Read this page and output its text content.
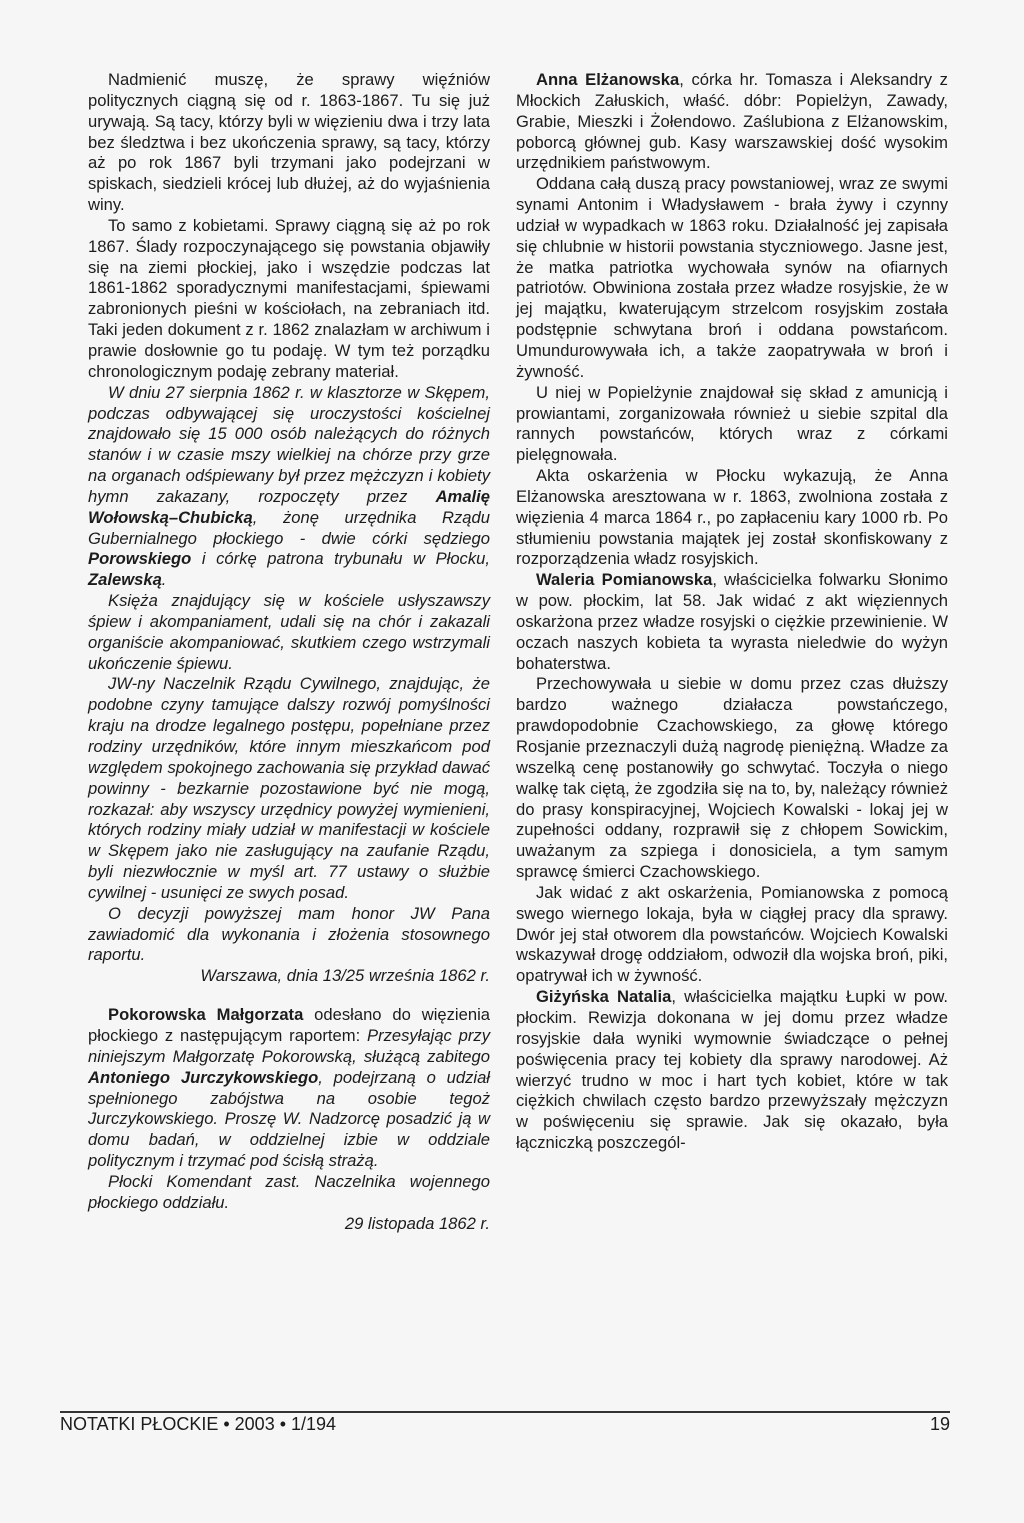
Nadmienić muszę, że sprawy więźniów politycznych ciągną się od r. 1863-1867. Tu się już urywają. Są tacy, którzy byli w więzieniu dwa i trzy lata bez śledztwa i bez ukończenia sprawy, są tacy, którzy aż po rok 1867 byli trzymani jako podejrzani w spiskach, siedzieli krócej lub dłużej, aż do wyjaśnienia winy.

To samo z kobietami. Sprawy ciągną się aż po rok 1867. Ślady rozpoczynającego się powstania objawiły się na ziemi płockiej, jako i wszędzie podczas lat 1861-1862 sporadycznymi manifestacjami, śpiewami zabronionych pieśni w kościołach, na zebraniach itd. Taki jeden dokument z r. 1862 znalazłam w archiwum i prawie dosłownie go tu podaję. W tym też porządku chronologicznym podaję zebrany materiał.

W dniu 27 sierpnia 1862 r. w klasztorze w Skępem, podczas odbywającej się uroczystości kościelnej znajdowało się 15 000 osób należących do różnych stanów i w czasie mszy wielkiej na chórze przy grze na organach odśpiewany był przez mężczyzn i kobiety hymn zakazany, rozpoczęty przez Amalię Wołowską–Chubicką, żonę urzędnika Rządu Gubernialnego płockiego - dwie córki sędziego Porowskiego i córkę patrona trybunału w Płocku, Zalewską.

Księża znajdujący się w kościele usłyszawszy śpiew i akompaniament, udali się na chór i zakazali organiście akompaniować, skutkiem czego wstrzymali ukończenie śpiewu.

JW-ny Naczelnik Rządu Cywilnego, znajdując, że podobne czyny tamujące dalszy rozwój pomyślności kraju na drodze legalnego postępu, popełniane przez rodziny urzędników, które innym mieszkańcom pod względem spokojnego zachowania się przykład dawać powinny - bezkarnie pozostawione być nie mogą, rozkazał: aby wszyscy urzędnicy powyżej wymienieni, których rodziny miały udział w manifestacji w kościele w Skępem jako nie zasługujący na zaufanie Rządu, byli niezwłocznie w myśl art. 77 ustawy o służbie cywilnej - usunięci ze swych posad.

O decyzji powyższej mam honor JW Pana zawiadomić dla wykonania i złożenia stosownego raportu.

Warszawa, dnia 13/25 września 1862 r.

Pokorowska Małgorzata odesłano do więzienia płockiego z następującym raportem: Przesyłając przy niniejszym Małgorzatę Pokorowską, służącą zabitego Antoniego Jurczykowskiego, podejrzaną o udział spełnionego zabójstwa na osobie tegoż Jurczykowskiego. Proszę W. Nadzorcę posadzić ją w domu badań, w oddzielnej izbie w oddziale politycznym i trzymać pod ścisłą strażą.

Płocki Komendant zast. Naczelnika wojennego płockiego oddziału.

29 listopada 1862 r.

Anna Elżanowska, córka hr. Tomasza i Aleksandry z Młockich Załuskich, właść. dóbr: Popielżyn, Zawady, Grabie, Mieszki i Żołendowo. Zaślubiona z Elżanowskim, poborcą głównej gub. Kasy warszawskiej dość wysokim urzędnikiem państwowym.

Oddana całą duszą pracy powstaniowej, wraz ze swymi synami Antonim i Władysławem - brała żywy i czynny udział w wypadkach w 1863 roku. Działalność jej zapisała się chlubnie w historii powstania styczniowego. Jasne jest, że matka patriotka wychowała synów na ofiarnych patriotów. Obwiniona została przez władze rosyjskie, że w jej majątku, kwaterującym strzelcom rosyjskim została podstępnie schwytana broń i oddana powstańcom. Umundurowywała ich, a także zaopatrywała w broń i żywność.

U niej w Popielżynie znajdował się skład z amunicją i prowiantami, zorganizowała również u siebie szpital dla rannych powstańców, których wraz z córkami pielęgnowała.

Akta oskarżenia w Płocku wykazują, że Anna Elżanowska aresztowana w r. 1863, zwolniona została z więzienia 4 marca 1864 r., po zapłaceniu kary 1000 rb. Po stłumieniu powstania majątek jej został skonfiskowany z rozporządzenia władz rosyjskich.

Waleria Pomianowska, właścicielka folwarku Słonimo w pow. płockim, lat 58. Jak widać z akt więziennych oskarżona przez władze rosyjski o ciężkie przewinienie. W oczach naszych kobieta ta wyrasta nieledwie do wyżyn bohaterstwa.

Przechowywała u siebie w domu przez czas dłuższy bardzo ważnego działacza powstańczego, prawdopodobnie Czachowskiego, za głowę którego Rosjanie przeznaczyli dużą nagrodę pieniężną. Władze za wszelką cenę postanowiły go schwytać. Toczyła o niego walkę tak ciętą, że zgodziła się na to, by, należący również do prasy konspiracyjnej, Wojciech Kowalski - lokaj jej w zupełności oddany, rozprawił się z chłopem Sowickim, uważanym za szpiega i donosiciela, a tym samym sprawcę śmierci Czachowskiego.

Jak widać z akt oskarżenia, Pomianowska z pomocą swego wiernego lokaja, była w ciągłej pracy dla sprawy. Dwór jej stał otworem dla powstańców. Wojciech Kowalski wskazywał drogę oddziałom, odwoził dla wojska broń, piki, opatrywał ich w żywność.

Giżyńska Natalia, właścicielka majątku Łupki w pow. płockim. Rewizja dokonana w jej domu przez władze rosyjskie dała wyniki wymownie świadczące o pełnej poświęcenia pracy tej kobiety dla sprawy narodowej. Aż wierzyć trudno w moc i hart tych kobiet, które w tak ciężkich chwilach często bardzo przewyższały mężczyzn w poświęceniu się sprawie. Jak się okazało, była łączniczką poszczegól-

NOTATKI PŁOCKIE • 2003 • 1/194	19
